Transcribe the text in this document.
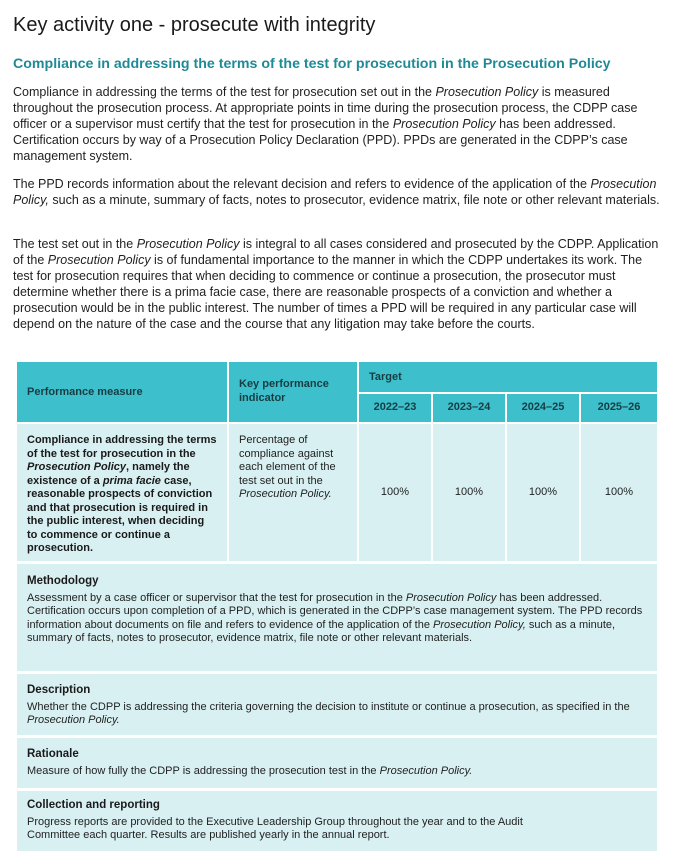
Key activity one - prosecute with integrity
Compliance in addressing the terms of the test for prosecution in the Prosecution Policy
Compliance in addressing the terms of the test for prosecution set out in the Prosecution Policy is measured throughout the prosecution process. At appropriate points in time during the prosecution process, the CDPP case officer or a supervisor must certify that the test for prosecution in the Prosecution Policy has been addressed. Certification occurs by way of a Prosecution Policy Declaration (PPD). PPDs are generated in the CDPP’s case management system.
The PPD records information about the relevant decision and refers to evidence of the application of the Prosecution Policy, such as a minute, summary of facts, notes to prosecutor, evidence matrix, file note or other relevant materials.
The test set out in the Prosecution Policy is integral to all cases considered and prosecuted by the CDPP. Application of the Prosecution Policy is of fundamental importance to the manner in which the CDPP undertakes its work. The test for prosecution requires that when deciding to commence or continue a prosecution, the prosecutor must determine whether there is a prima facie case, there are reasonable prospects of a conviction and whether a prosecution would be in the public interest. The number of times a PPD will be required in any particular case will depend on the nature of the case and the course that any litigation may take before the courts.
Performance measure
Key performance indicator
Target
2022–23	2023–24	2024–25	2025–26
Compliance in addressing the terms of the test for prosecution in the Prosecution Policy, namely the existence of a prima facie case, reasonable prospects of conviction and that prosecution is required in the public interest, when deciding to commence or continue a prosecution.
Percentage of compliance against each element of the test set out in the Prosecution Policy.	100%	100%	100%	100%
Methodology
Assessment by a case officer or supervisor that the test for prosecution in the Prosecution Policy has been addressed. Certification occurs upon completion of a PPD, which is generated in the CDPP’s case management system. The PPD records information about documents on file and refers to evidence of the application of the Prosecution Policy, such as a minute, summary of facts, notes to prosecutor, evidence matrix, file note or other relevant materials.
Description
Whether the CDPP is addressing the criteria governing the decision to institute or continue a prosecution, as specified in the Prosecution Policy.
Rationale
Measure of how fully the CDPP is addressing the prosecution test in the Prosecution Policy.
Collection and reporting
Progress reports are provided to the Executive Leadership Group throughout the year and to the Audit Committee each quarter. Results are published yearly in the annual report.
